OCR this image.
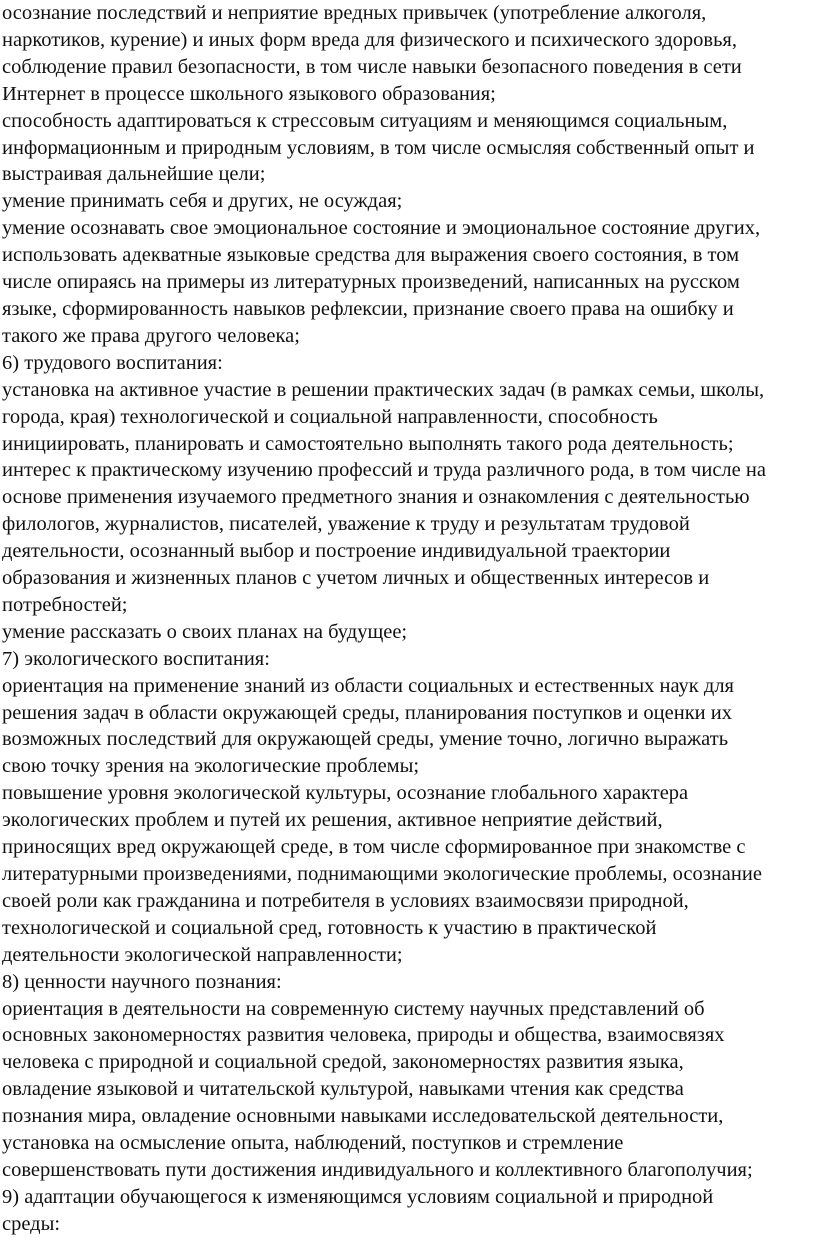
осознание последствий и неприятие вредных привычек (употребление алкоголя,

наркотиков, курение) и иных форм вреда для физического и психического здоровья,

соблюдение правил безопасности, в том числе навыки безопасного поведения в сети

Интернет в процессе школьного языкового образования;

способность адаптироваться к стрессовым ситуациям и меняющимся социальным,

информационным и природным условиям, в том числе осмысляя собственный опыт и

выстраивая дальнейшие цели;

умение принимать себя и других, не осуждая;

умение осознавать свое эмоциональное состояние и эмоциональное состояние других,

использовать адекватные языковые средства для выражения своего состояния, в том

числе опираясь на примеры из литературных произведений, написанных на русском

языке, сформированность навыков рефлексии, признание своего права на ошибку и

такого же права другого человека;

6) трудового воспитания:

установка на активное участие в решении практических задач (в рамках семьи, школы,

города, края) технологической и социальной направленности, способность

инициировать, планировать и самостоятельно выполнять такого рода деятельность;

интерес к практическому изучению профессий и труда различного рода, в том числе на

основе применения изучаемого предметного знания и ознакомления с деятельностью

филологов, журналистов, писателей, уважение к труду и результатам трудовой

деятельности, осознанный выбор и построение индивидуальной траектории

образования и жизненных планов с учетом личных и общественных интересов и

потребностей;

умение рассказать о своих планах на будущее;

7) экологического воспитания:

ориентация на применение знаний из области социальных и естественных наук для

решения задач в области окружающей среды, планирования поступков и оценки их

возможных последствий для окружающей среды, умение точно, логично выражать

свою точку зрения на экологические проблемы;

повышение уровня экологической культуры, осознание глобального характера

экологических проблем и путей их решения, активное неприятие действий,

приносящих вред окружающей среде, в том числе сформированное при знакомстве с

литературными произведениями, поднимающими экологические проблемы, осознание

своей роли как гражданина и потребителя в условиях взаимосвязи природной,

технологической и социальной сред, готовность к участию в практической

деятельности экологической направленности;

8) ценности научного познания:

ориентация в деятельности на современную систему научных представлений об

основных закономерностях развития человека, природы и общества, взаимосвязях

человека с природной и социальной средой, закономерностях развития языка,

овладение языковой и читательской культурой, навыками чтения как средства

познания мира, овладение основными навыками исследовательской деятельности,

установка на осмысление опыта, наблюдений, поступков и стремление

совершенствовать пути достижения индивидуального и коллективного благополучия;

9) адаптации обучающегося к изменяющимся условиям социальной и природной

среды:
